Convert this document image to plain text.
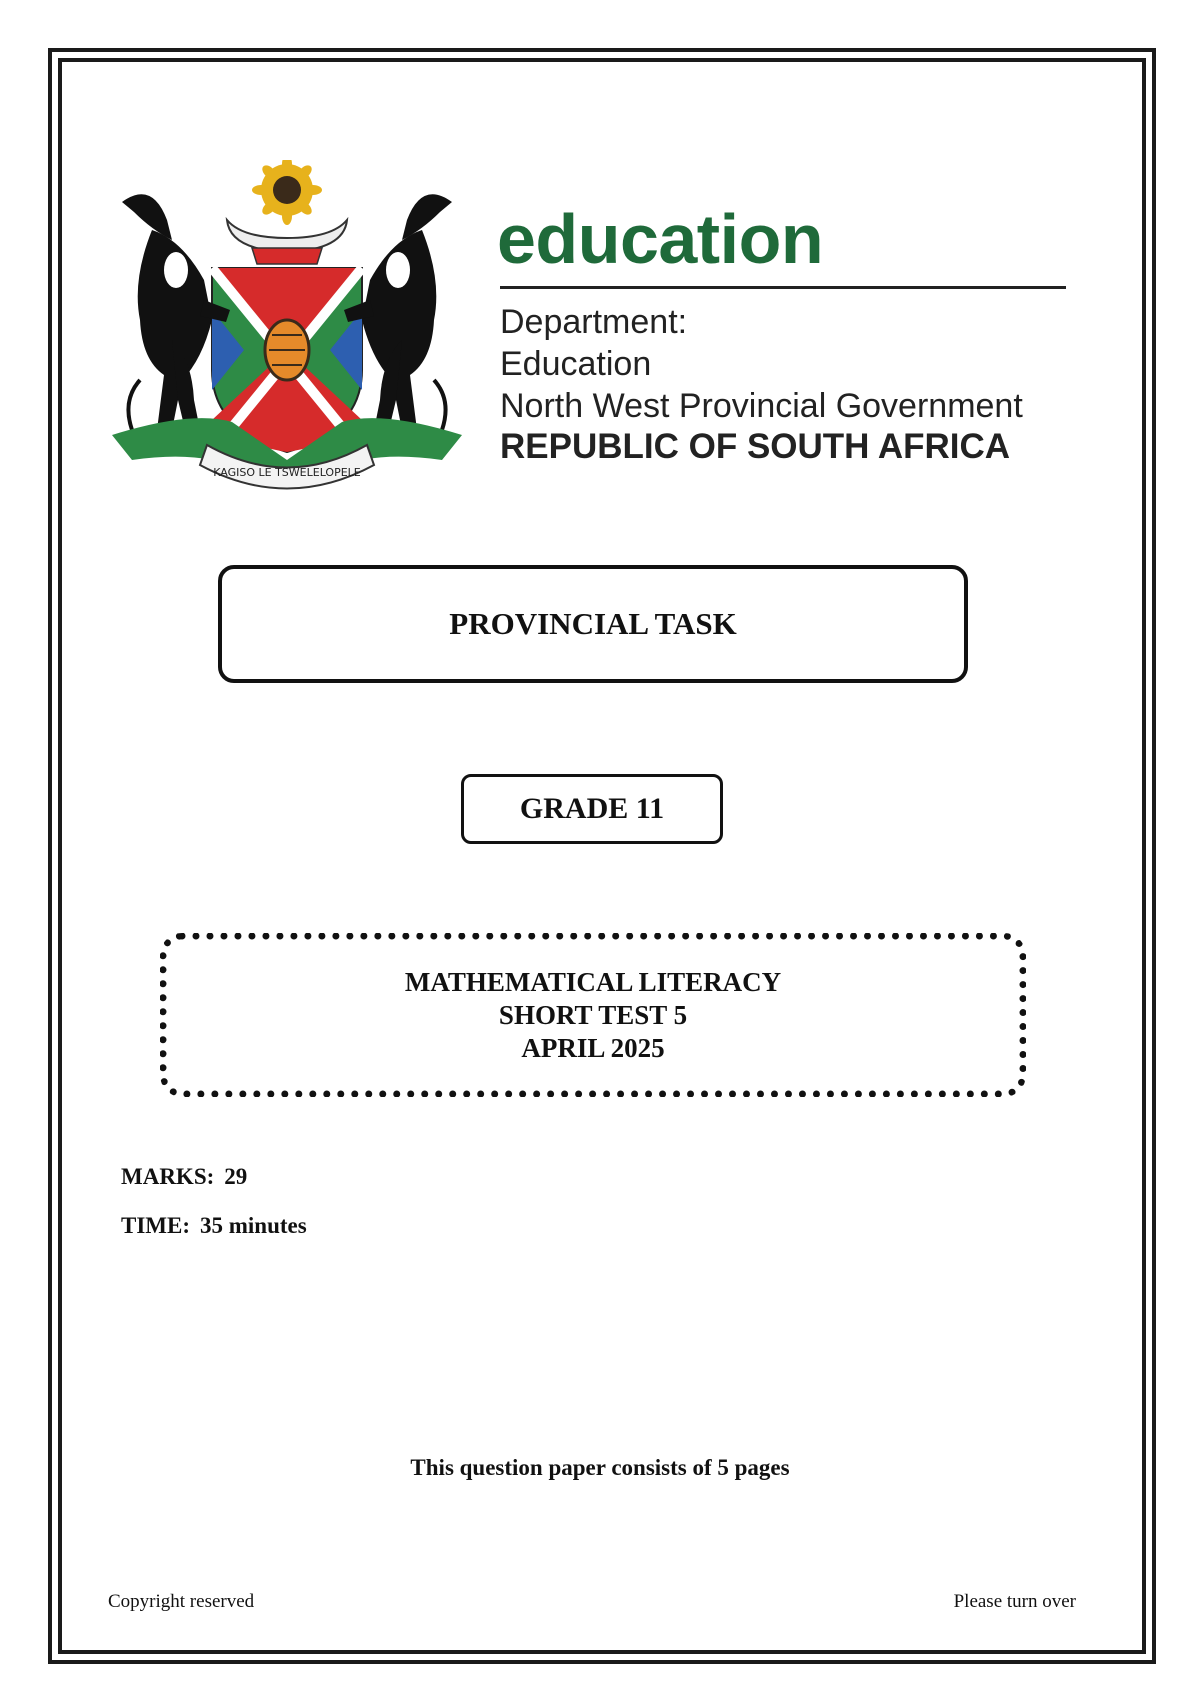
KAGISO LE TSWELELOPELE
education
Department:
Education
North West Provincial Government
REPUBLIC OF SOUTH AFRICA
PROVINCIAL TASK
GRADE 11
MATHEMATICAL LITERACY
SHORT TEST 5
APRIL 2025
MARKS: 29
TIME: 35 minutes
This question paper consists of 5 pages
Copyright reserved	Please turn over
